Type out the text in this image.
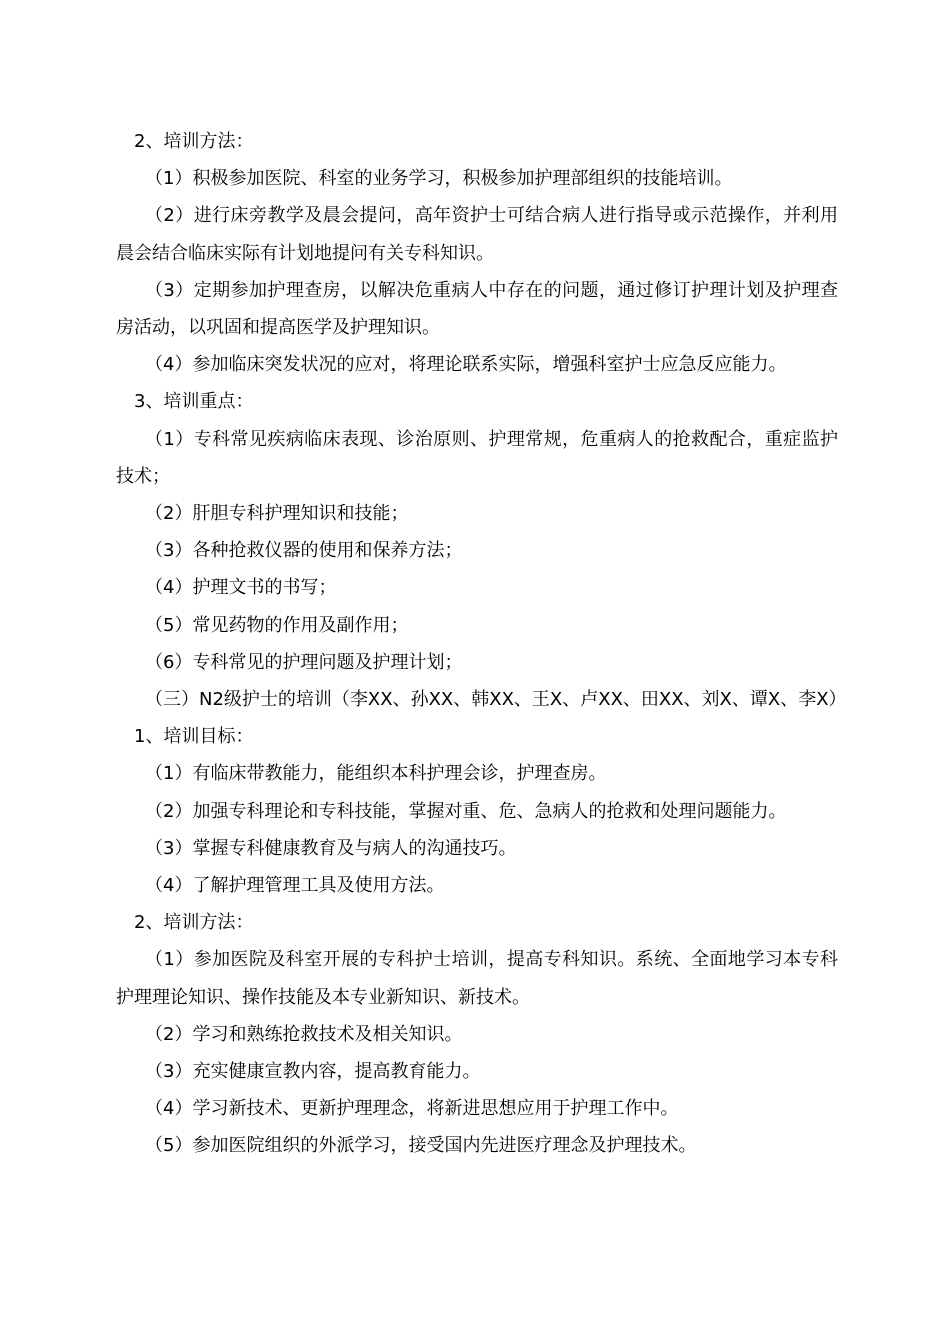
2、培训方法：

（1）积极参加医院、科室的业务学习，积极参加护理部组织的技能培训。

（2）进行床旁教学及晨会提问，高年资护士可结合病人进行指导或示范操作，并利用晨会结合临床实际有计划地提问有关专科知识。

（3）定期参加护理查房，以解决危重病人中存在的问题，通过修订护理计划及护理查房活动，以巩固和提高医学及护理知识。

（4）参加临床突发状况的应对，将理论联系实际，增强科室护士应急反应能力。

3、培训重点：

（1）专科常见疾病临床表现、诊治原则、护理常规，危重病人的抢救配合，重症监护技术；

（2）肝胆专科护理知识和技能；

（3）各种抢救仪器的使用和保养方法；

（4）护理文书的书写；

（5）常见药物的作用及副作用；

（6）专科常见的护理问题及护理计划；

（三）N2级护士的培训（李XX、孙XX、韩XX、王X、卢XX、田XX、刘X、谭X、李X）

1、培训目标：

（1）有临床带教能力，能组织本科护理会诊，护理查房。

（2）加强专科理论和专科技能，掌握对重、危、急病人的抢救和处理问题能力。

（3）掌握专科健康教育及与病人的沟通技巧。

（4）了解护理管理工具及使用方法。

2、培训方法：

（1）参加医院及科室开展的专科护士培训，提高专科知识。系统、全面地学习本专科护理理论知识、操作技能及本专业新知识、新技术。

（2）学习和熟练抢救技术及相关知识。

（3）充实健康宣教内容，提高教育能力。

（4）学习新技术、更新护理理念，将新进思想应用于护理工作中。

（5）参加医院组织的外派学习，接受国内先进医疗理念及护理技术。
